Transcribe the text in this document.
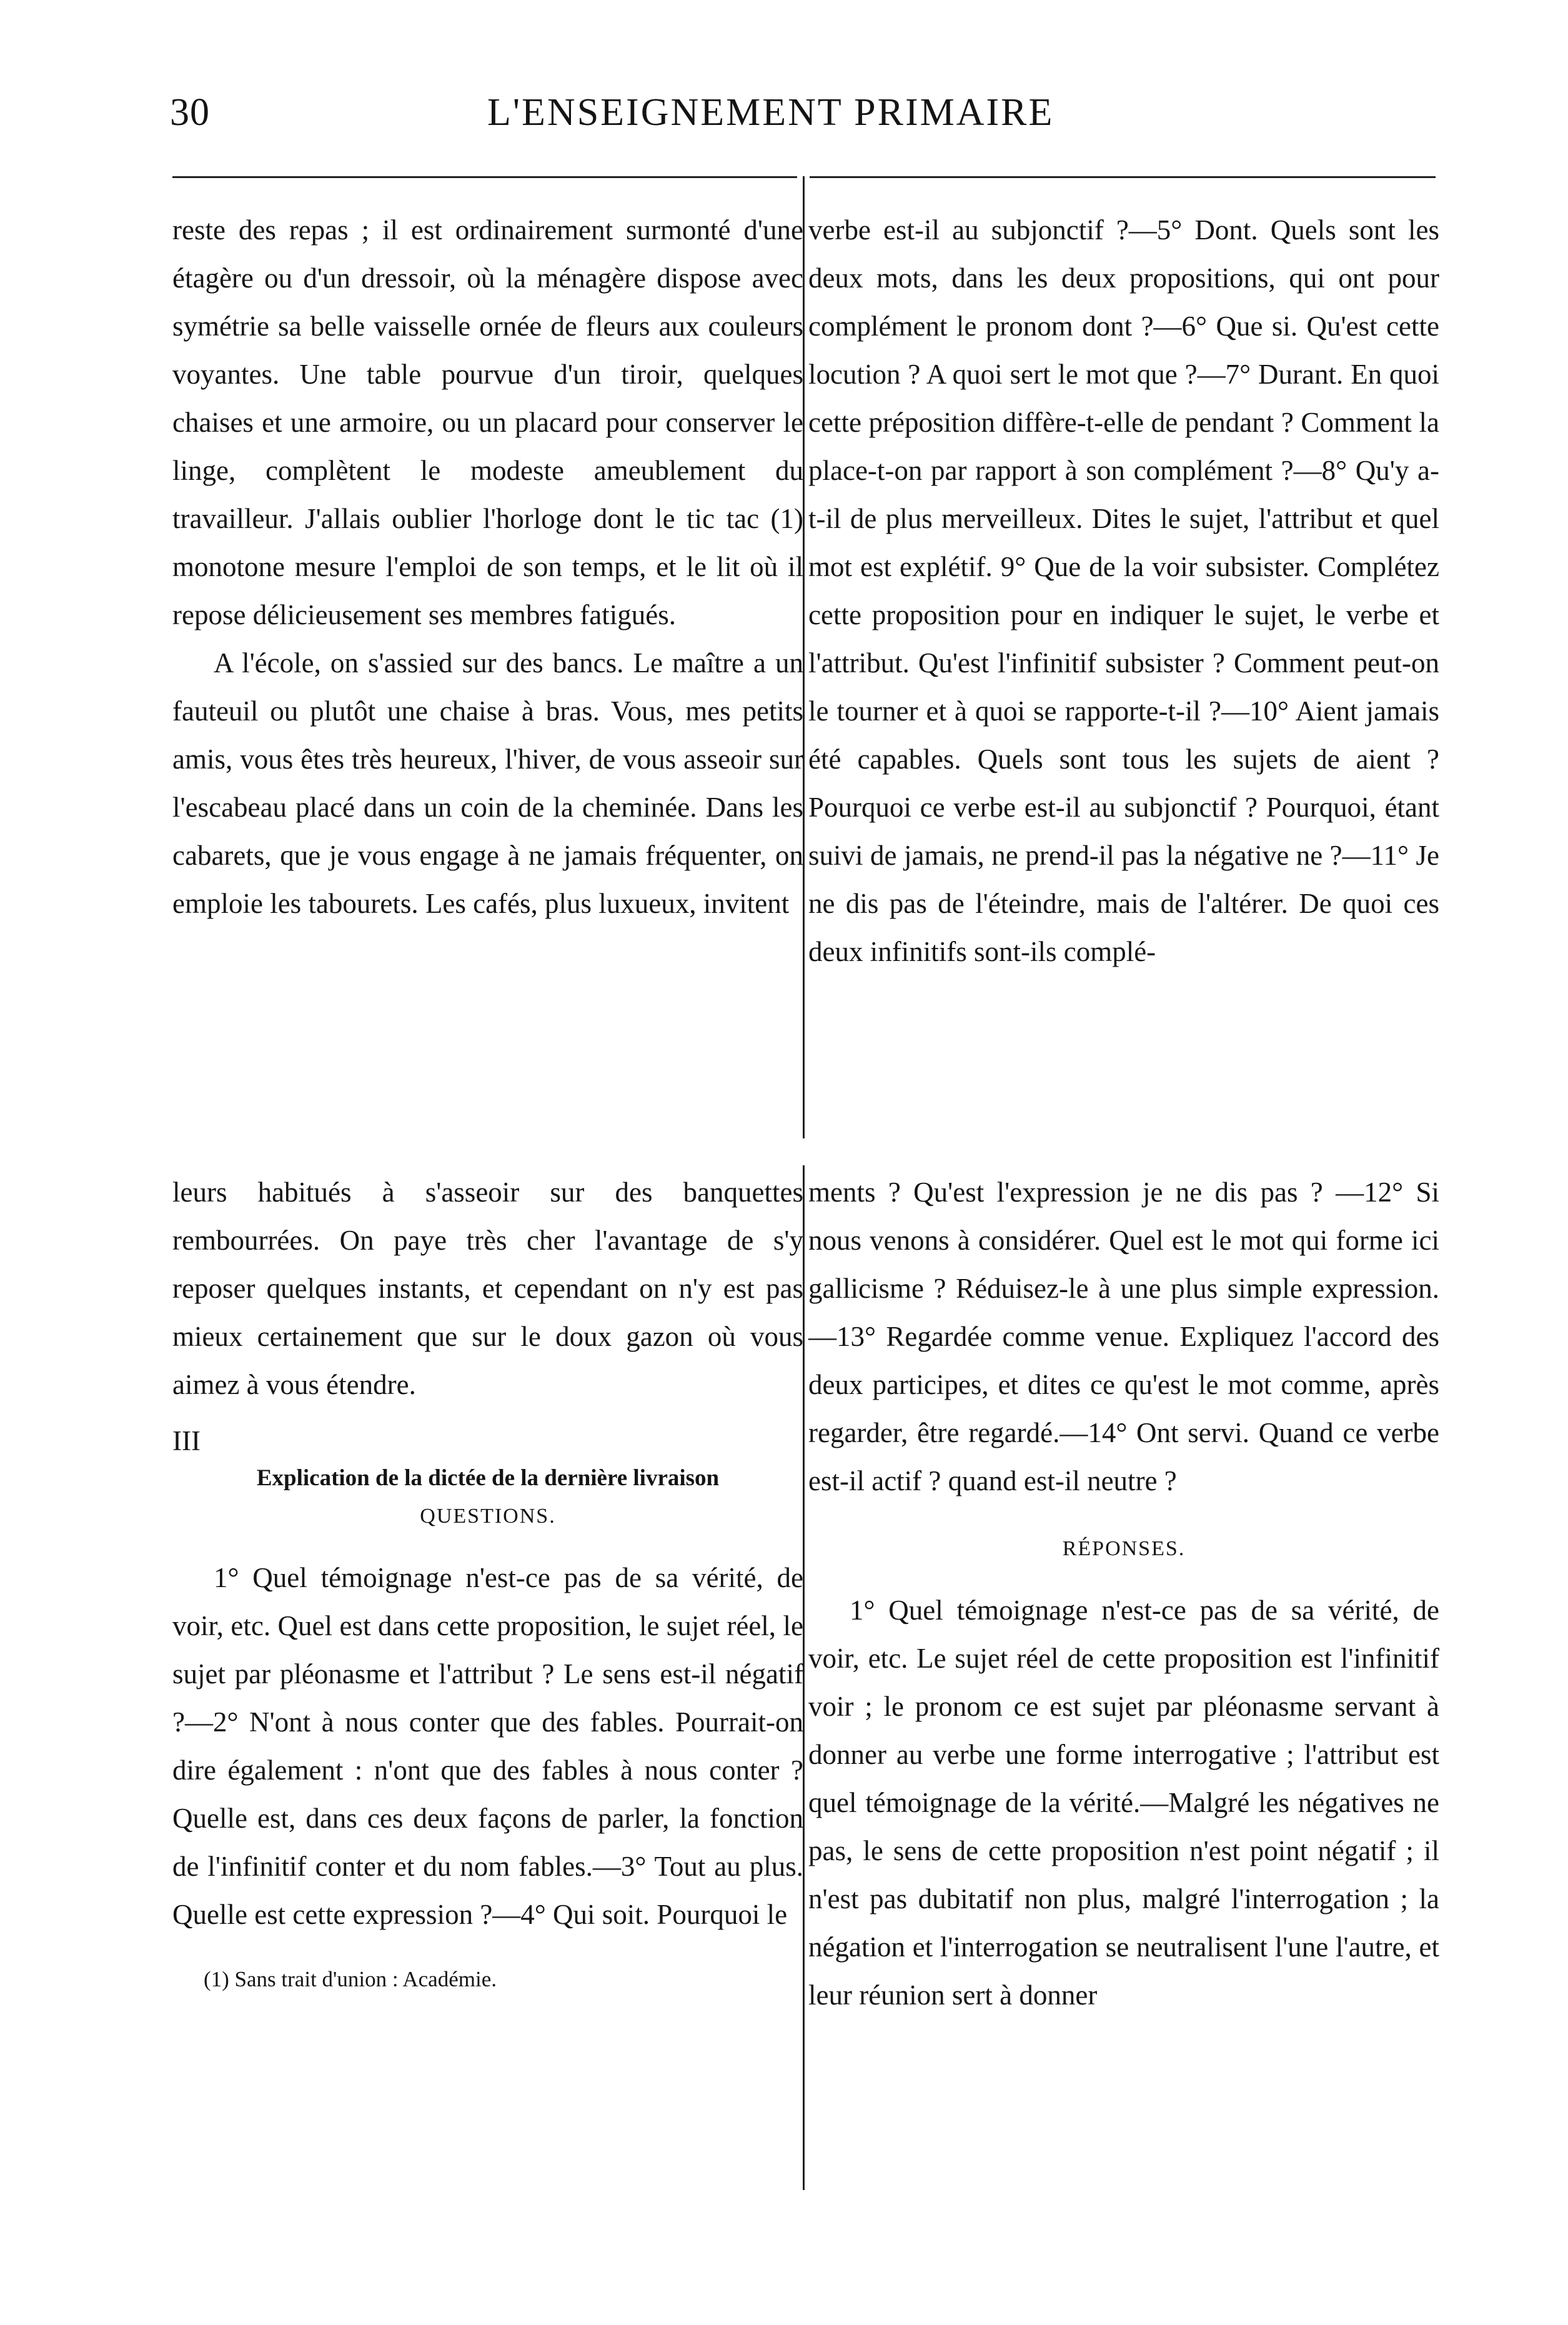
30	L'ENSEIGNEMENT PRIMAIRE

reste des repas ; il est ordinairement surmonté d'une étagère ou d'un dressoir, où la ménagère dispose avec symétrie sa belle vaisselle ornée de fleurs aux couleurs voyantes. Une table pourvue d'un tiroir, quelques chaises et une armoire, ou un placard pour conserver le linge, complètent le modeste ameublement du travailleur. J'allais oublier l'horloge dont le tic tac (1) monotone mesure l'emploi de son temps, et le lit où il repose délicieusement ses membres fatigués.

A l'école, on s'assied sur des bancs. Le maître a un fauteuil ou plutôt une chaise à bras. Vous, mes petits amis, vous êtes très heureux, l'hiver, de vous asseoir sur l'escabeau placé dans un coin de la cheminée. Dans les cabarets, que je vous engage à ne jamais fréquenter, on emploie les tabourets. Les cafés, plus luxueux, invitent

verbe est-il au subjonctif ?—5° Dont. Quels sont les deux mots, dans les deux propositions, qui ont pour complément le pronom dont ?—6° Que si. Qu'est cette locution ? A quoi sert le mot que ?—7° Durant. En quoi cette préposition diffère-t-elle de pendant ? Comment la place-t-on par rapport à son complément ?—8° Qu'y a-t-il de plus merveilleux. Dites le sujet, l'attribut et quel mot est explétif. 9° Que de la voir subsister. Complétez cette proposition pour en indiquer le sujet, le verbe et l'attribut. Qu'est l'infinitif subsister ? Comment peut-on le tourner et à quoi se rapporte-t-il ?—10° Aient jamais été capables. Quels sont tous les sujets de aient ? Pourquoi ce verbe est-il au subjonctif ? Pourquoi, étant suivi de jamais, ne prend-il pas la négative ne ?—11° Je ne dis pas de l'éteindre, mais de l'altérer. De quoi ces deux infinitifs sont-ils complé-

leurs habitués à s'asseoir sur des banquettes rembourrées. On paye très cher l'avantage de s'y reposer quelques instants, et cependant on n'y est pas mieux certainement que sur le doux gazon où vous aimez à vous étendre.

III

Explication de la dictée de la dernière livraison

QUESTIONS.

1° Quel témoignage n'est-ce pas de sa vérité, de voir, etc. Quel est dans cette proposition, le sujet réel, le sujet par pléonasme et l'attribut ? Le sens est-il négatif ?—2° N'ont à nous conter que des fables. Pourrait-on dire également : n'ont que des fables à nous conter ? Quelle est, dans ces deux façons de parler, la fonction de l'infinitif conter et du nom fables.—3° Tout au plus. Quelle est cette expression ?—4° Qui soit. Pourquoi le

(1) Sans trait d'union : Académie.

ments ? Qu'est l'expression je ne dis pas ? —12° Si nous venons à considérer. Quel est le mot qui forme ici gallicisme ? Réduisez-le à une plus simple expression.—13° Regardée comme venue. Expliquez l'accord des deux participes, et dites ce qu'est le mot comme, après regarder, être regardé.—14° Ont servi. Quand ce verbe est-il actif ? quand est-il neutre ?

RÉPONSES.

1° Quel témoignage n'est-ce pas de sa vérité, de voir, etc. Le sujet réel de cette proposition est l'infinitif voir ; le pronom ce est sujet par pléonasme servant à donner au verbe une forme interrogative ; l'attribut est quel témoignage de la vérité.—Malgré les négatives ne pas, le sens de cette proposition n'est point négatif ; il n'est pas dubitatif non plus, malgré l'interrogation ; la négation et l'interrogation se neutralisent l'une l'autre, et leur réunion sert à donner
